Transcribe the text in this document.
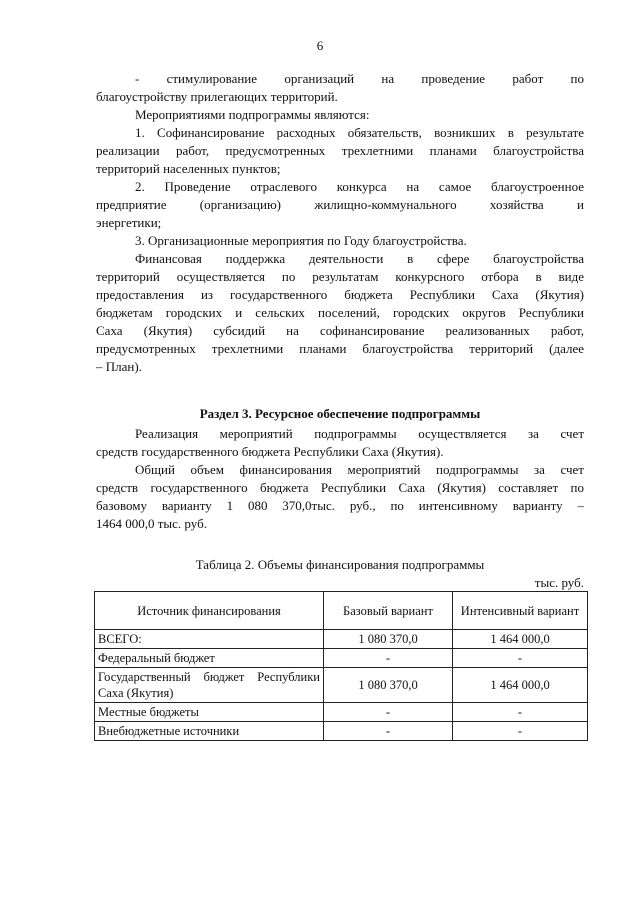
6
- стимулирование организаций на проведение работ по
благоустройству прилегающих территорий.
Мероприятиями подпрограммы являются:
1. Софинансирование расходных обязательств, возникших в результате
реализации работ, предусмотренных трехлетними планами благоустройства
территорий населенных пунктов;
2. Проведение отраслевого конкурса на самое благоустроенное
предприятие (организацию) жилищно-коммунального хозяйства и
энергетики;
3. Организационные мероприятия по Году благоустройства.
Финансовая поддержка деятельности в сфере благоустройства
территорий осуществляется по результатам конкурсного отбора в виде
предоставления из государственного бюджета Республики Саха (Якутия)
бюджетам городских и сельских поселений, городских округов Республики
Саха (Якутия) субсидий на софинансирование реализованных работ,
предусмотренных трехлетними планами благоустройства территорий (далее
– План).
Раздел 3. Ресурсное обеспечение подпрограммы
Реализация мероприятий подпрограммы осуществляется за счет
средств государственного бюджета Республики Саха (Якутия).
Общий объем финансирования мероприятий подпрограммы за счет
средств государственного бюджета Республики Саха (Якутия) составляет по
базовому варианту 1 080 370,0тыс. руб., по интенсивному варианту –
1464 000,0 тыс. руб.
Таблица 2. Объемы финансирования подпрограммы
тыс. руб.
Источник финансирования	Базовый вариант	Интенсивный вариант
ВСЕГО:	1 080 370,0	1 464 000,0
Федеральный бюджет	-	-
Государственный бюджет Республики Саха (Якутия)	1 080 370,0	1 464 000,0
Местные бюджеты	-	-
Внебюджетные источники	-	-
